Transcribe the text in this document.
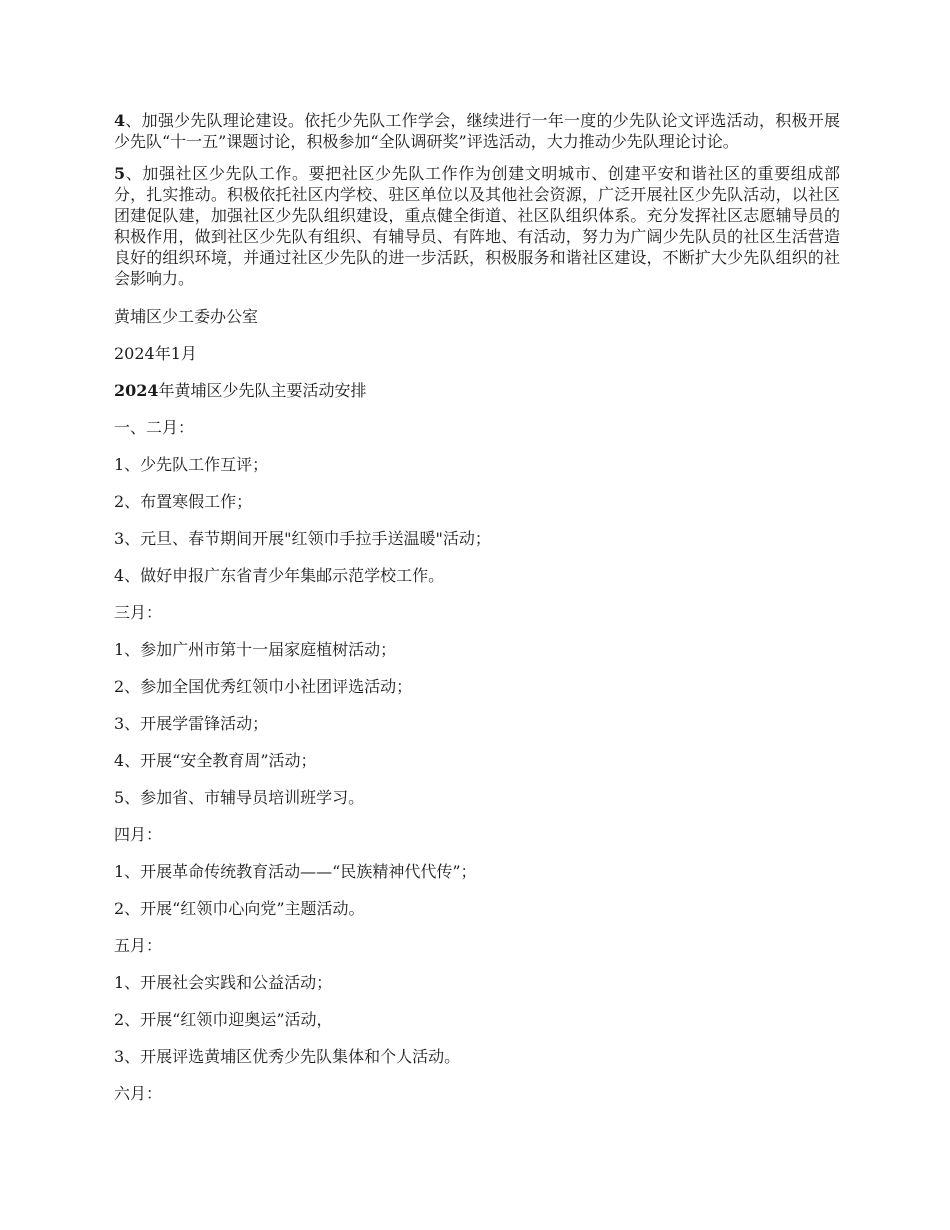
4、加强少先队理论建设。依托少先队工作学会，继续进行一年一度的少先队论文评选活动，积极开展少先队“十一五”课题讨论，积极参加“全队调研奖”评选活动，大力推动少先队理论讨论。

5、加强社区少先队工作。要把社区少先队工作作为创建文明城市、创建平安和谐社区的重要组成部分，扎实推动。积极依托社区内学校、驻区单位以及其他社会资源，广泛开展社区少先队活动，以社区团建促队建，加强社区少先队组织建设，重点健全街道、社区队组织体系。充分发挥社区志愿辅导员的积极作用，做到社区少先队有组织、有辅导员、有阵地、有活动，努力为广阔少先队员的社区生活营造良好的组织环境，并通过社区少先队的进一步活跃，积极服务和谐社区建设，不断扩大少先队组织的社会影响力。

黄埔区少工委办公室
2024年1月
2024年黄埔区少先队主要活动安排
一、二月：
1、少先队工作互评；
2、布置寒假工作；
3、元旦、春节期间开展"红领巾手拉手送温暖"活动；
4、做好申报广东省青少年集邮示范学校工作。
三月：
1、参加广州市第十一届家庭植树活动；
2、参加全国优秀红领巾小社团评选活动；
3、开展学雷锋活动；
4、开展“安全教育周”活动；
5、参加省、市辅导员培训班学习。
四月：
1、开展革命传统教育活动——“民族精神代代传”；
2、开展“红领巾心向党”主题活动。
五月：
1、开展社会实践和公益活动；
2、开展“红领巾迎奥运”活动，
3、开展评选黄埔区优秀少先队集体和个人活动。
六月：
